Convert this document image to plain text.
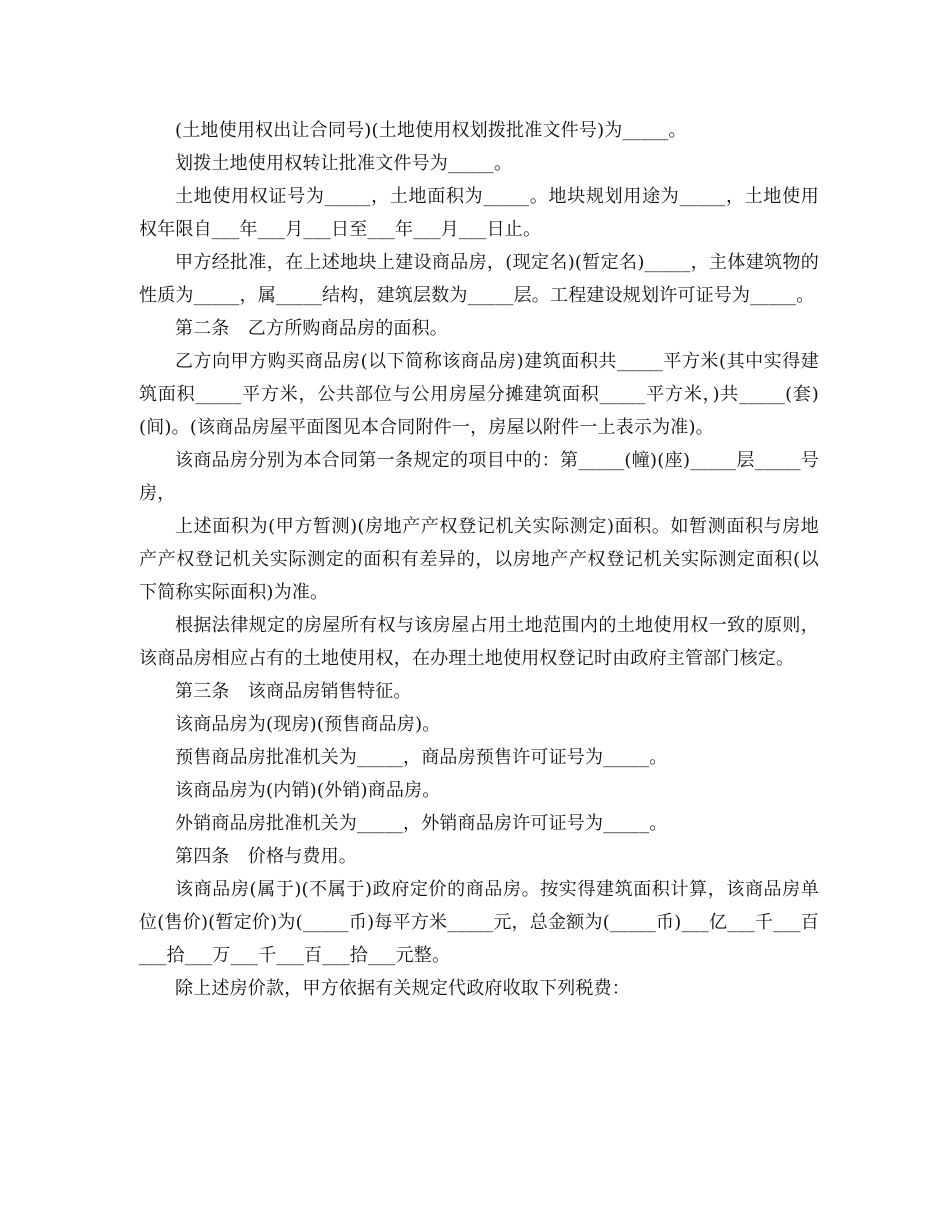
(土地使用权出让合同号)(土地使用权划拨批准文件号)为_____。

划拨土地使用权转让批准文件号为_____。

土地使用权证号为_____，土地面积为_____。地块规划用途为_____，土地使用权年限自___年___月___日至___年___月___日止。

甲方经批准，在上述地块上建设商品房，(现定名)(暂定名)_____，主体建筑物的性质为_____，属_____结构，建筑层数为_____层。工程建设规划许可证号为_____。

第二条　乙方所购商品房的面积。

乙方向甲方购买商品房(以下简称该商品房)建筑面积共_____平方米(其中实得建筑面积_____平方米，公共部位与公用房屋分摊建筑面积_____平方米，)共_____(套)(间)。(该商品房屋平面图见本合同附件一，房屋以附件一上表示为准)。

该商品房分别为本合同第一条规定的项目中的：第_____(幢)(座)_____层_____号房，

上述面积为(甲方暂测)(房地产产权登记机关实际测定)面积。如暂测面积与房地产产权登记机关实际测定的面积有差异的，以房地产产权登记机关实际测定面积(以下简称实际面积)为准。

根据法律规定的房屋所有权与该房屋占用土地范围内的土地使用权一致的原则，该商品房相应占有的土地使用权，在办理土地使用权登记时由政府主管部门核定。

第三条　该商品房销售特征。

该商品房为(现房)(预售商品房)。

预售商品房批准机关为_____，商品房预售许可证号为_____。

该商品房为(内销)(外销)商品房。

外销商品房批准机关为_____，外销商品房许可证号为_____。

第四条　价格与费用。

该商品房(属于)(不属于)政府定价的商品房。按实得建筑面积计算，该商品房单位(售价)(暂定价)为(_____币)每平方米_____元，总金额为(_____币)___亿___千___百___拾___万___千___百___拾___元整。

除上述房价款，甲方依据有关规定代政府收取下列税费：
